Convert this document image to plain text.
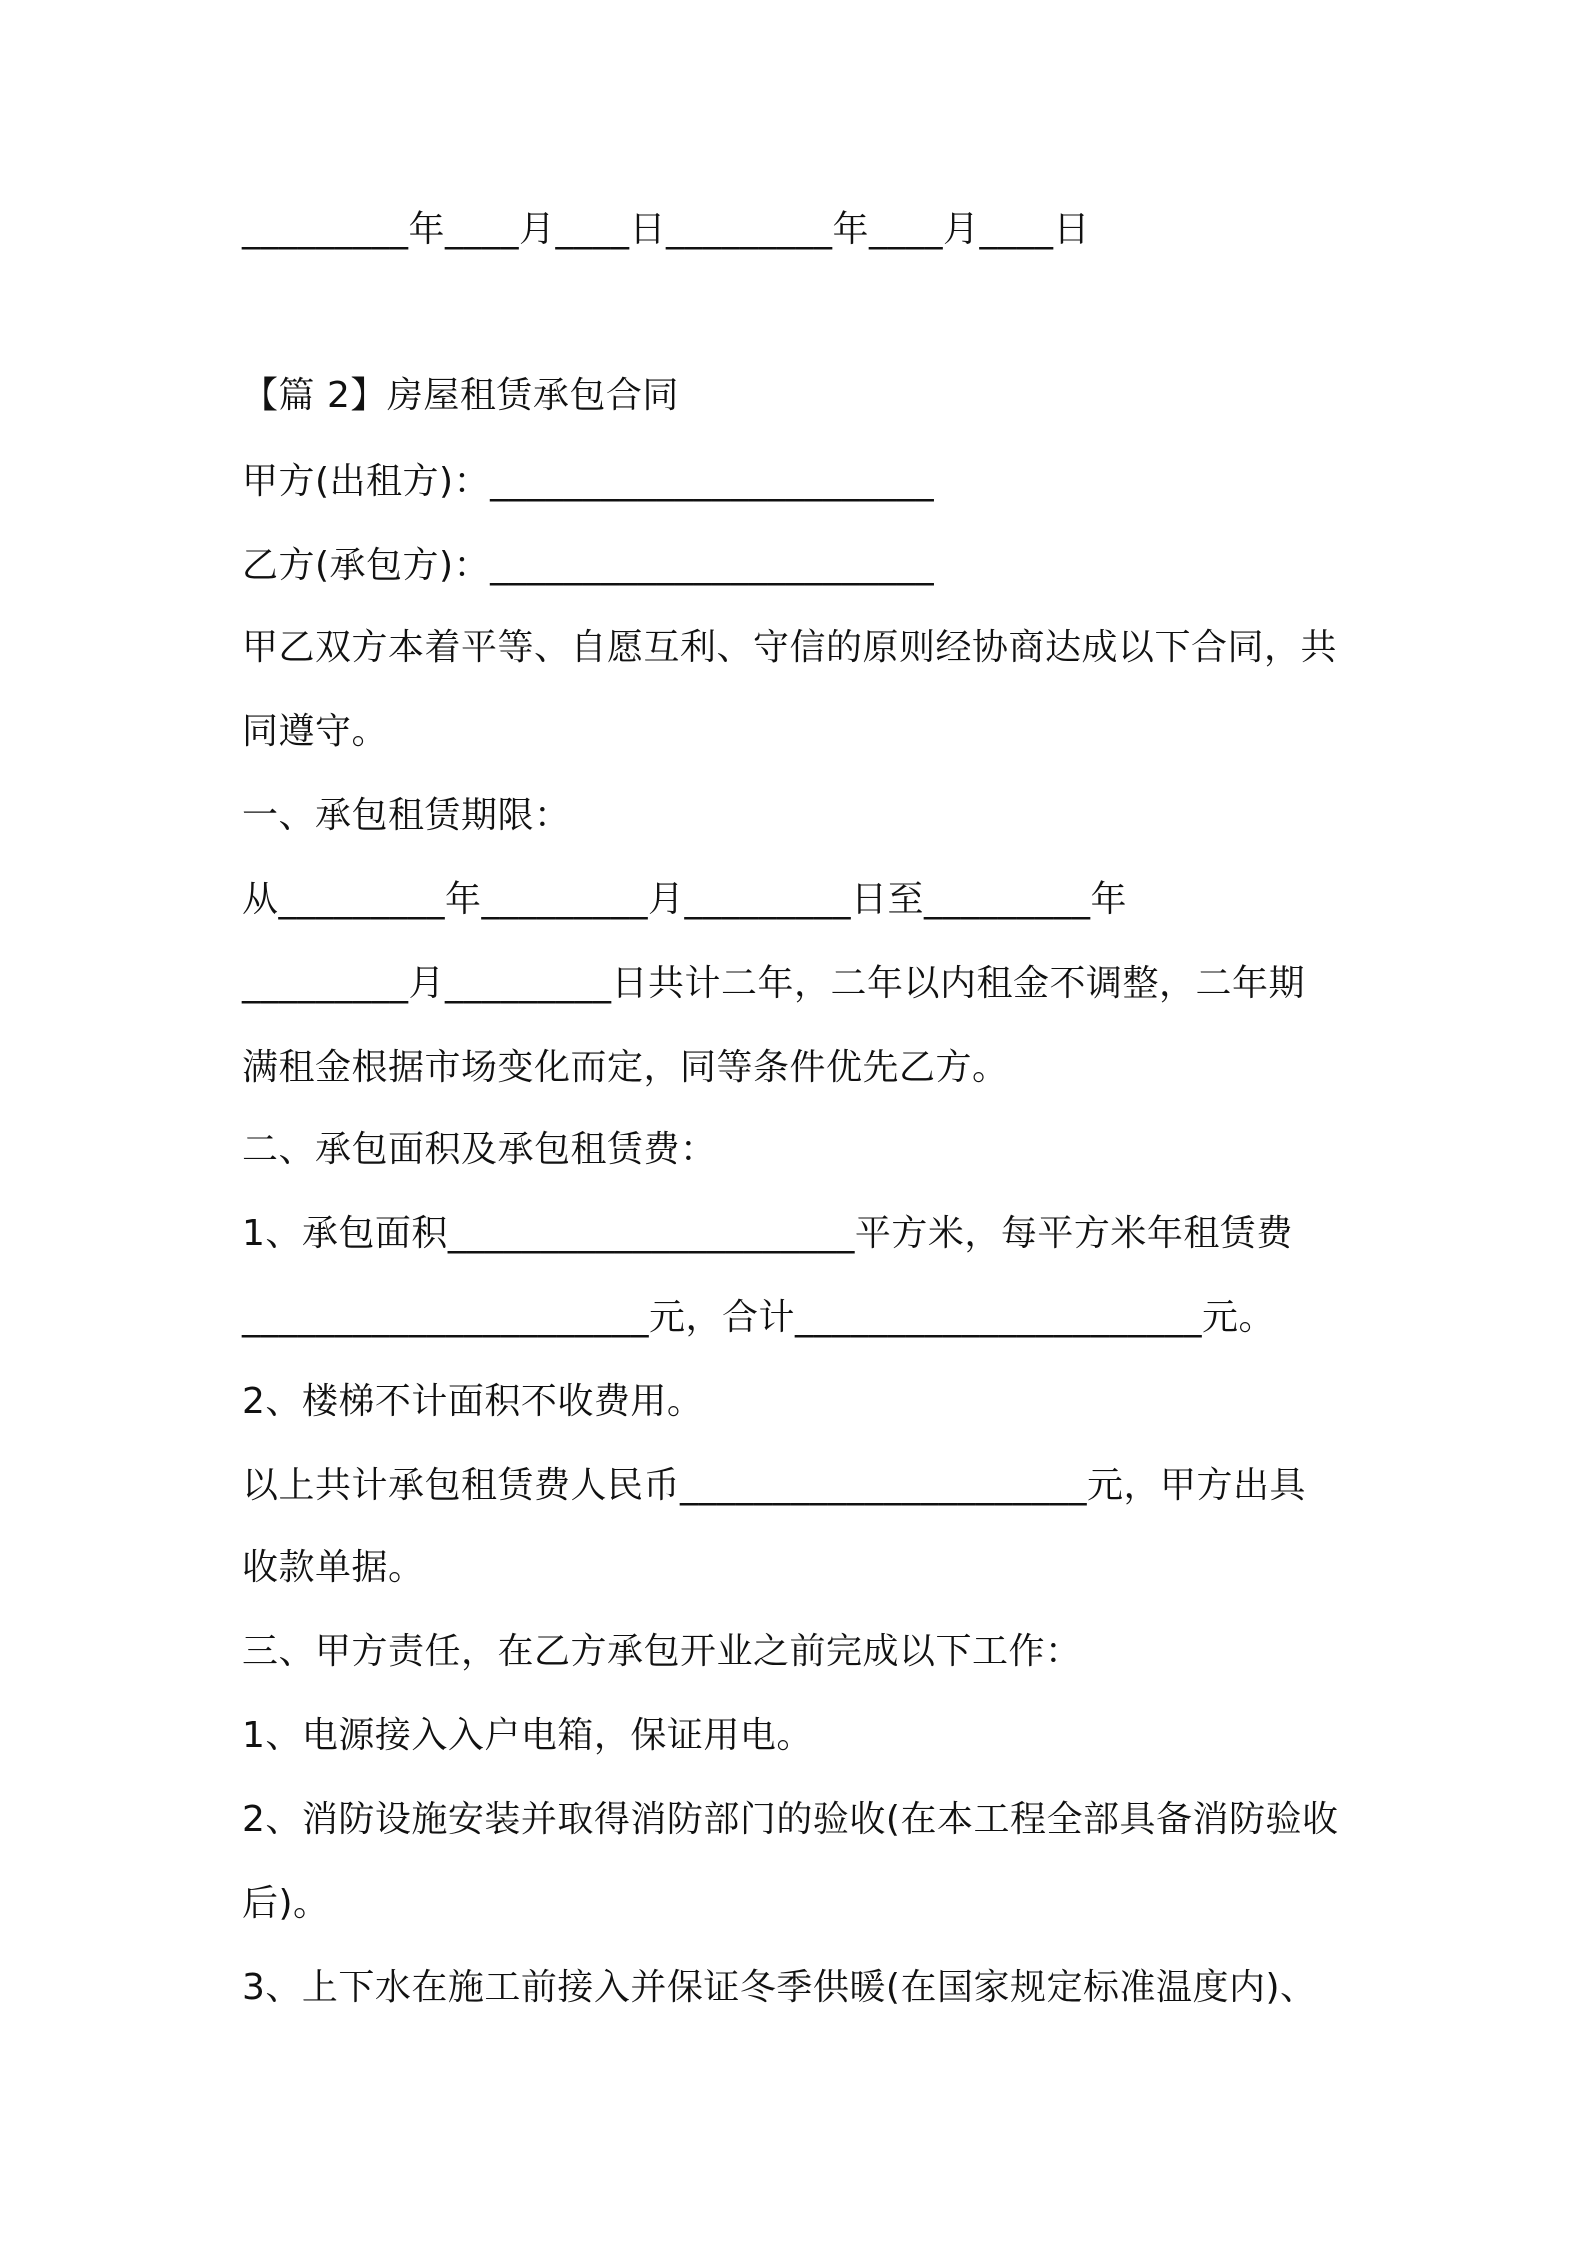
_________年____月____日_________年____月____日
【篇 2】房屋租赁承包合同
甲方(出租方)：________________________
乙方(承包方)：________________________
甲乙双方本着平等、自愿互利、守信的原则经协商达成以下合同，共
同遵守。
一、承包租赁期限：
从_________年_________月_________日至_________年
_________月_________日共计二年，二年以内租金不调整，二年期
满租金根据市场变化而定，同等条件优先乙方。
二、承包面积及承包租赁费：
1、承包面积______________________平方米，每平方米年租赁费
______________________元，合计______________________元。
2、楼梯不计面积不收费用。
以上共计承包租赁费人民币______________________元，甲方出具
收款单据。
三、甲方责任，在乙方承包开业之前完成以下工作：
1、电源接入入户电箱，保证用电。
2、消防设施安装并取得消防部门的验收(在本工程全部具备消防验收
后)。
3、上下水在施工前接入并保证冬季供暖(在国家规定标准温度内)、
